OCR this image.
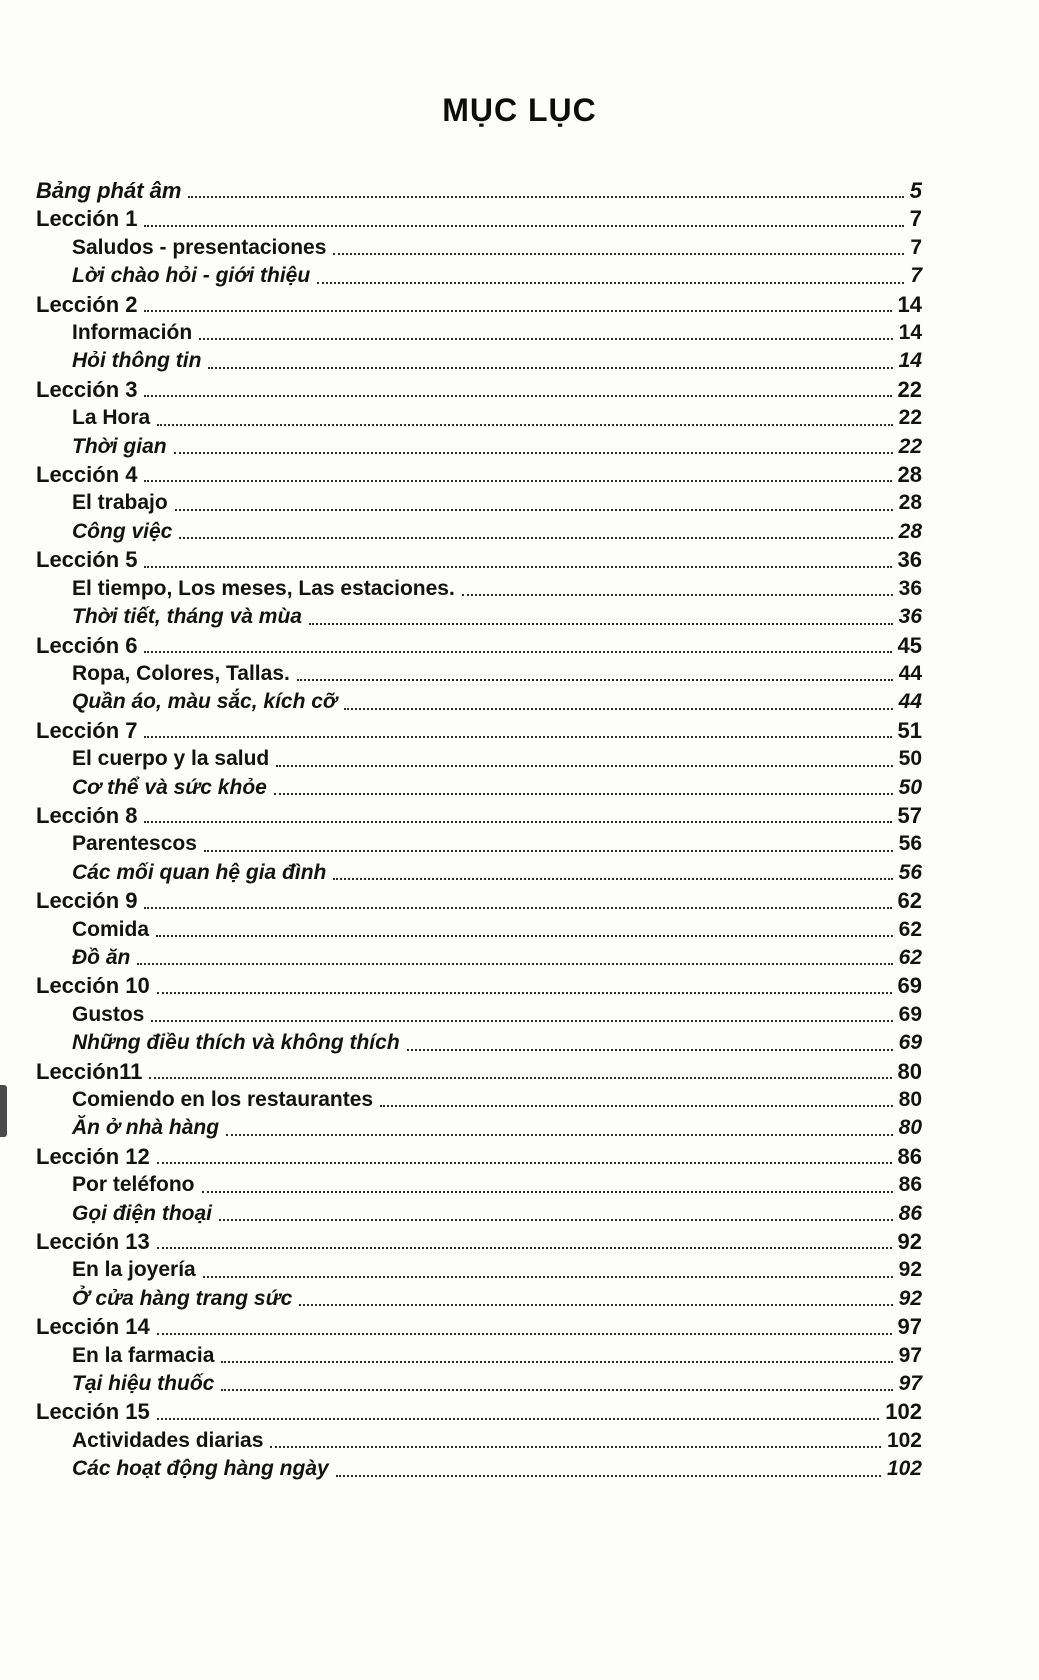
MỤC LỤC
Bảng phát âm	5
Lección 1	7
Saludos - presentaciones	7
Lời chào hỏi - giới thiệu	7
Lección 2	14
Información	14
Hỏi thông tin	14
Lección 3	22
La Hora	22
Thời gian	22
Lección 4	28
El trabajo	28
Công việc	28
Lección 5	36
El tiempo, Los meses, Las estaciones.	36
Thời tiết, tháng và mùa	36
Lección 6	45
Ropa, Colores, Tallas.	44
Quần áo, màu sắc, kích cỡ	44
Lección 7	51
El cuerpo y la salud	50
Cơ thể và sức khỏe	50
Lección 8	57
Parentescos	56
Các mối quan hệ gia đình	56
Lección 9	62
Comida	62
Đồ ăn	62
Lección 10	69
Gustos	69
Những điều thích và không thích	69
Lección11	80
Comiendo en los restaurantes	80
Ăn ở nhà hàng	80
Lección 12	86
Por teléfono	86
Gọi điện thoại	86
Lección 13	92
En la joyería	92
Ở cửa hàng trang sức	92
Lección 14	97
En la farmacia	97
Tại hiệu thuốc	97
Lección 15	102
Actividades diarias	102
Các hoạt động hàng ngày	102
